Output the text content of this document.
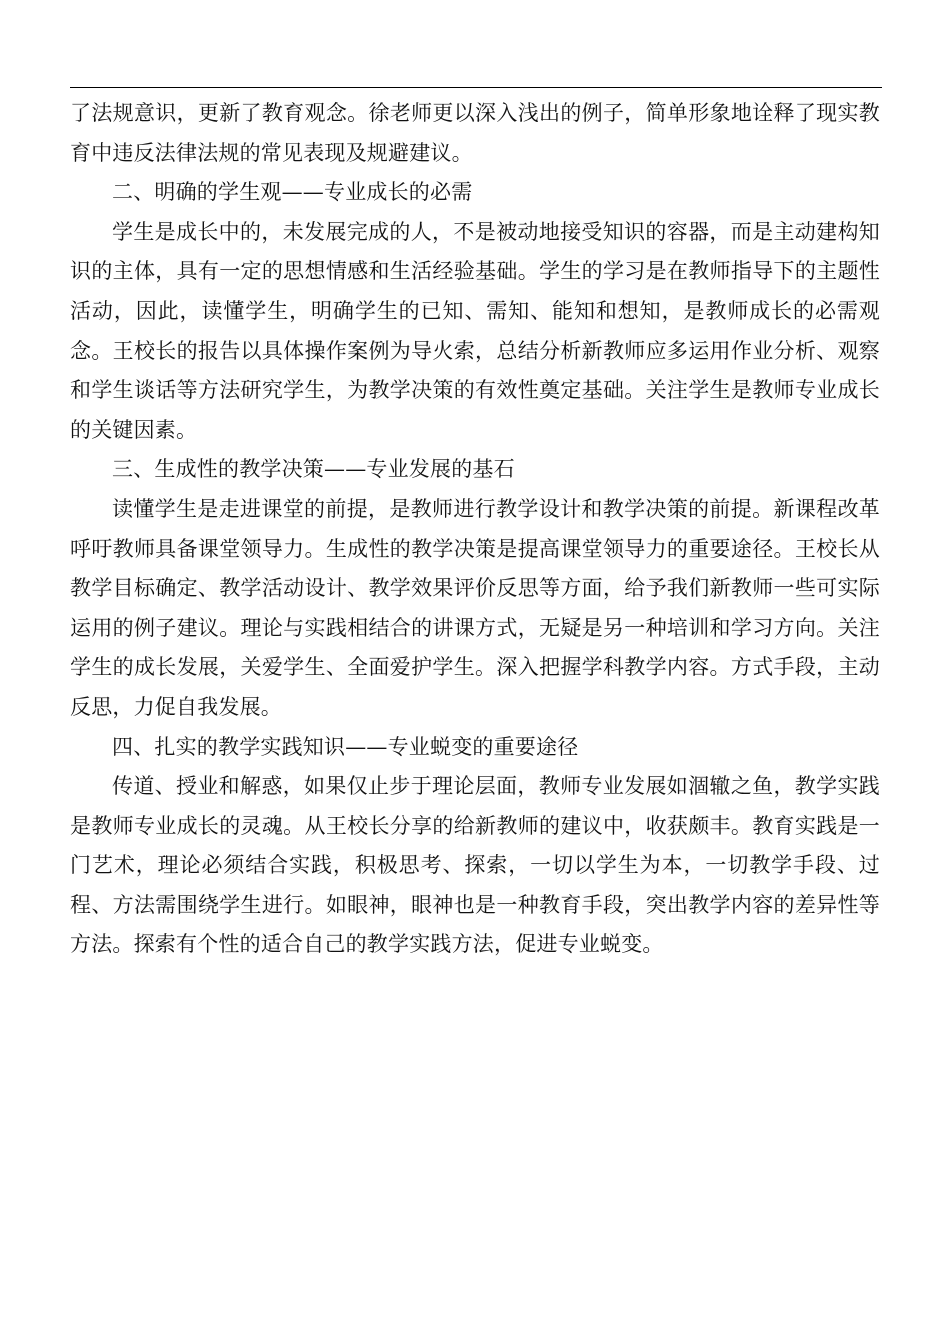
了法规意识，更新了教育观念。徐老师更以深入浅出的例子，简单形象地诠释了现实教育中违反法律法规的常见表现及规避建议。

二、明确的学生观——专业成长的必需

学生是成长中的，未发展完成的人，不是被动地接受知识的容器，而是主动建构知识的主体，具有一定的思想情感和生活经验基础。学生的学习是在教师指导下的主题性活动，因此，读懂学生，明确学生的已知、需知、能知和想知，是教师成长的必需观念。王校长的报告以具体操作案例为导火索，总结分析新教师应多运用作业分析、观察和学生谈话等方法研究学生，为教学决策的有效性奠定基础。关注学生是教师专业成长的关键因素。

三、生成性的教学决策——专业发展的基石

读懂学生是走进课堂的前提，是教师进行教学设计和教学决策的前提。新课程改革呼吁教师具备课堂领导力。生成性的教学决策是提高课堂领导力的重要途径。王校长从教学目标确定、教学活动设计、教学效果评价反思等方面，给予我们新教师一些可实际运用的例子建议。理论与实践相结合的讲课方式，无疑是另一种培训和学习方向。关注学生的成长发展，关爱学生、全面爱护学生。深入把握学科教学内容。方式手段，主动反思，力促自我发展。

四、扎实的教学实践知识——专业蜕变的重要途径

传道、授业和解惑，如果仅止步于理论层面，教师专业发展如涸辙之鱼，教学实践是教师专业成长的灵魂。从王校长分享的给新教师的建议中，收获颇丰。教育实践是一门艺术，理论必须结合实践，积极思考、探索，一切以学生为本，一切教学手段、过程、方法需围绕学生进行。如眼神，眼神也是一种教育手段，突出教学内容的差异性等方法。探索有个性的适合自己的教学实践方法，促进专业蜕变。
